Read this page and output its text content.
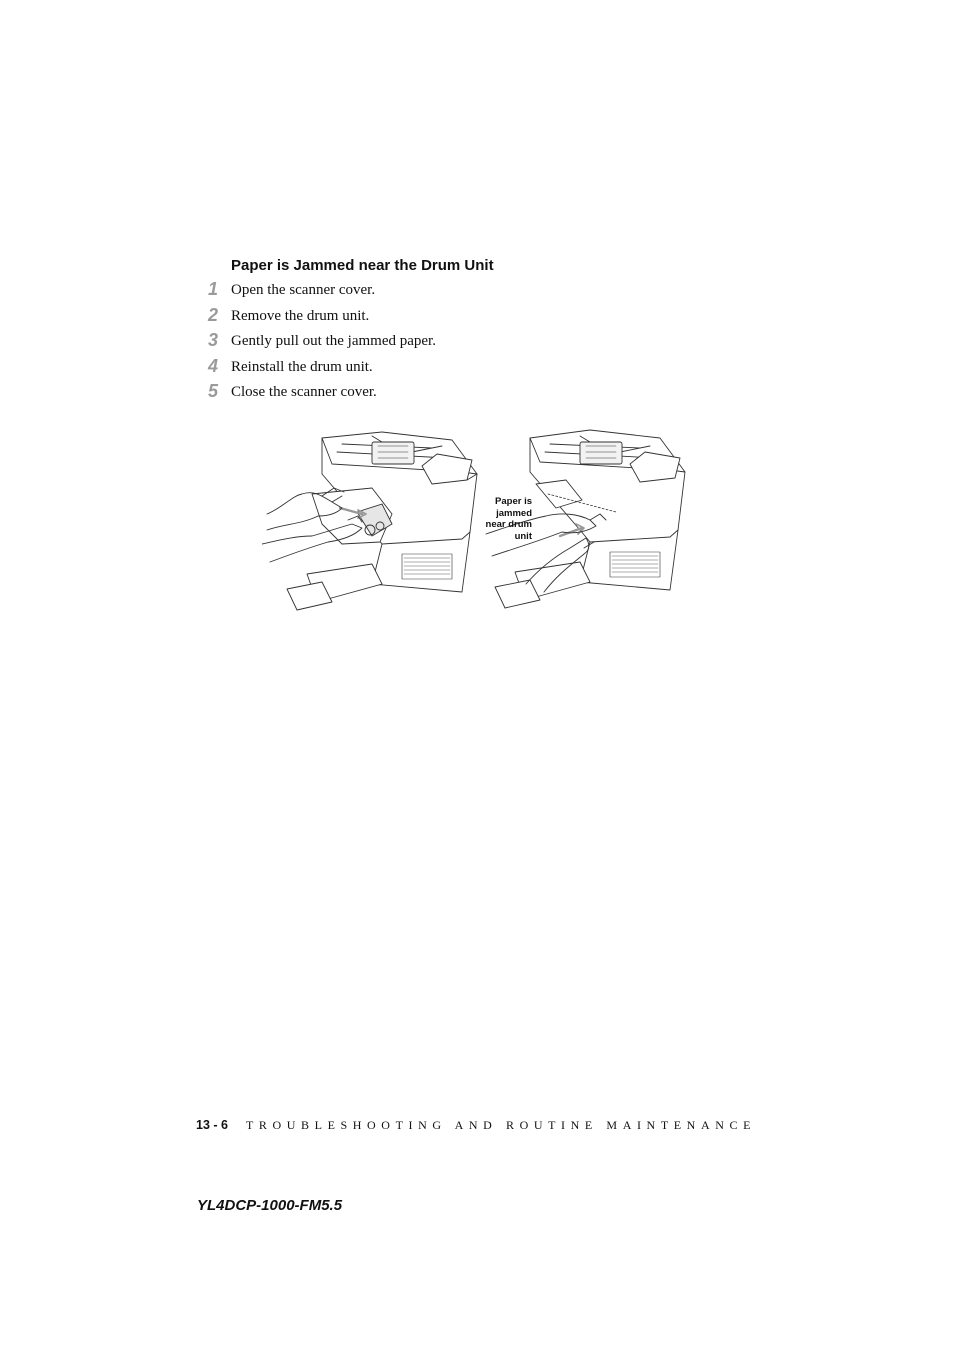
Paper is Jammed near the Drum Unit
1 Open the scanner cover.
2 Remove the drum unit.
3 Gently pull out the jammed paper.
4 Reinstall the drum unit.
5 Close the scanner cover.
Paper is
jammed
near drum
unit
13 - 6 TROUBLESHOOTING AND ROUTINE MAINTENANCE
YL4DCP-1000-FM5.5
